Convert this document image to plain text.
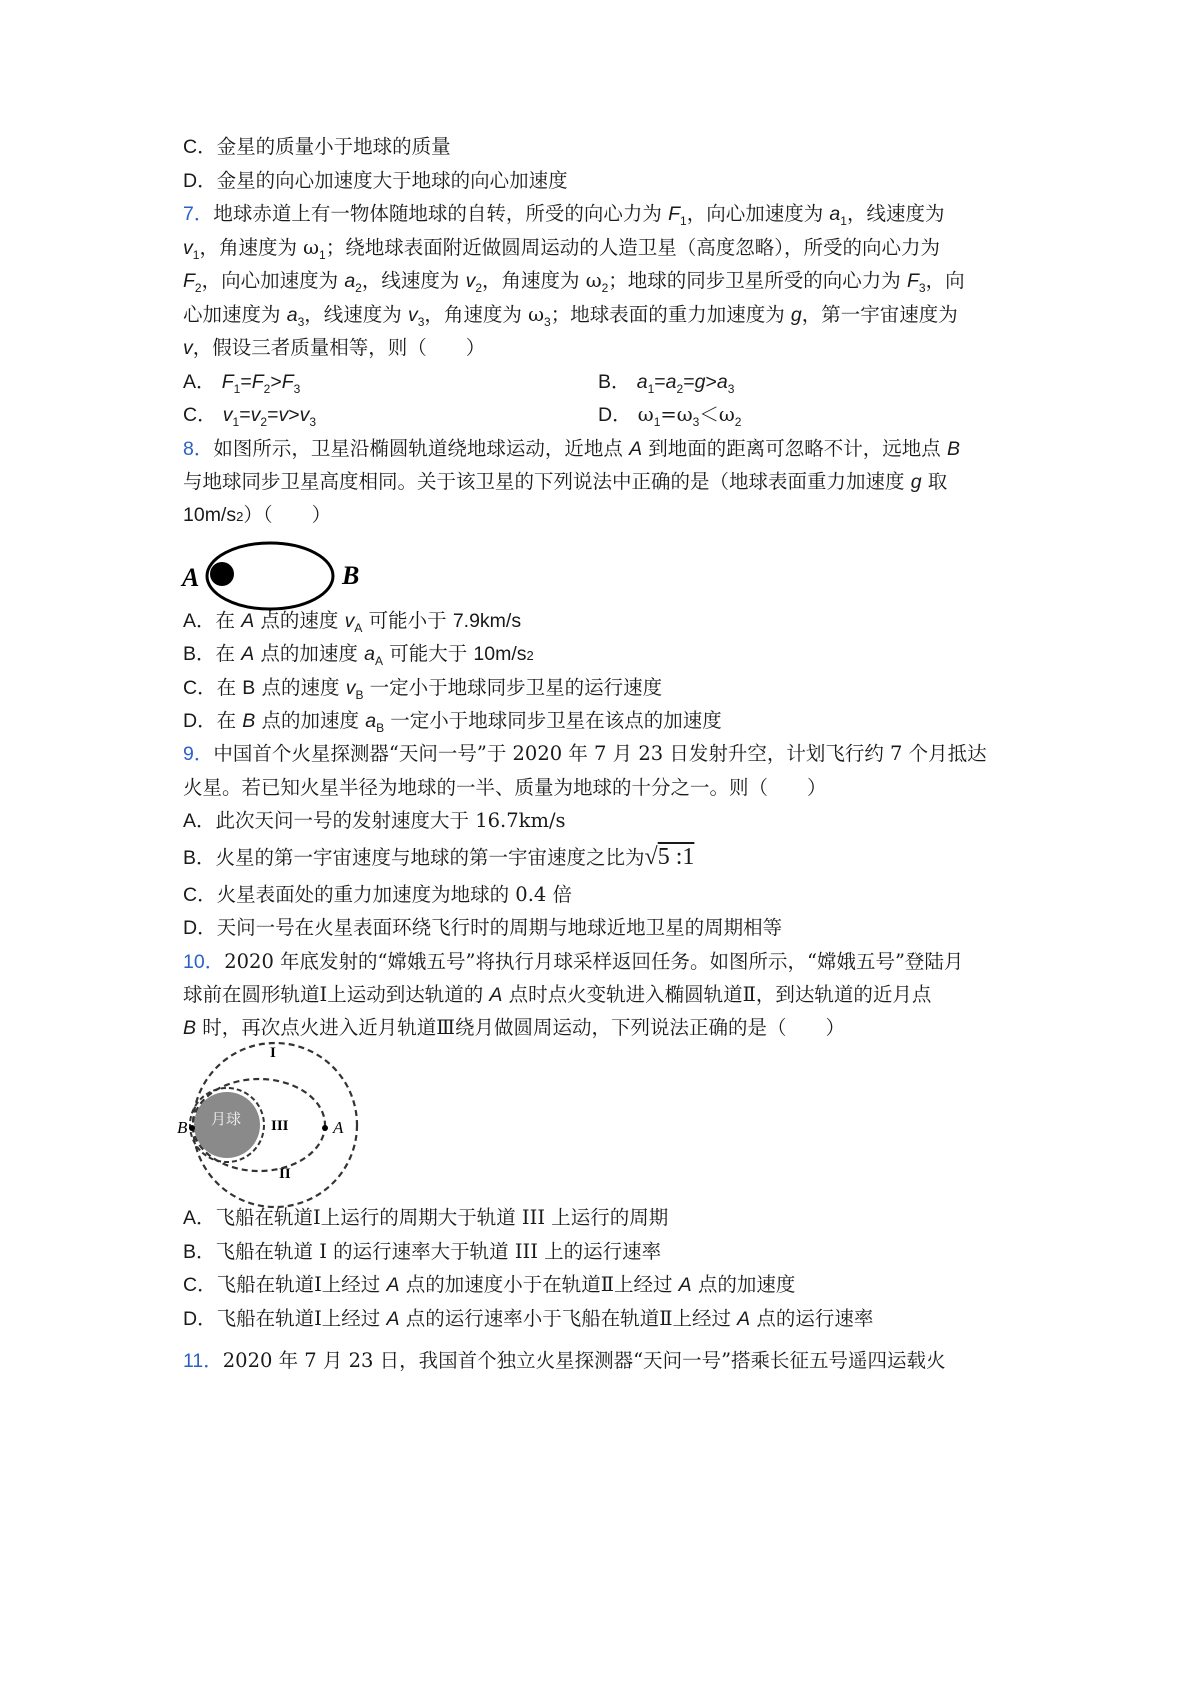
C．金星的质量小于地球的质量
D．金星的向心加速度大于地球的向心加速度
7．地球赤道上有一物体随地球的自转，所受的向心力为 $F_1$，向心加速度为 $a_1$，线速度为
$v_1$，角速度为 $\omega_1$；绕地球表面附近做圆周运动的人造卫星（高度忽略），所受的向心力为
$F_2$，向心加速度为 $a_2$，线速度为 $v_2$，角速度为 $\omega_2$；地球的同步卫星所受的向心力为 $F_3$，向
心加速度为 $a_3$，线速度为 $v_3$，角速度为 $\omega_3$；地球表面的重力加速度为 g，第一宇宙速度为
v，假设三者质量相等，则（　　）
A． $F_1=F_2>F_3$	B． $a_1=a_2=g>a_3$
C． $v_1=v_2=v>v_3$	D． $\omega_1=\omega_3<\omega_2$
8．如图所示，卫星沿椭圆轨道绕地球运动，近地点 A 到地面的距离可忽略不计，远地点 B
与地球同步卫星高度相同。关于该卫星的下列说法中正确的是（地球表面重力加速度 g 取
10m/s2）（　　）
A	B
A．在 A 点的速度 $v_A$ 可能小于 7.9km/s
B．在 A 点的加速度 $a_A$ 可能大于 10m/s2
C．在 B 点的速度 $v_B$ 一定小于地球同步卫星的运行速度
D．在 B 点的加速度 $a_B$ 一定小于地球同步卫星在该点的加速度
9．中国首个火星探测器“天问一号”于 2020 年 7 月 23 日发射升空，计划飞行约 7 个月抵达
火星。若已知火星半径为地球的一半、质量为地球的十分之一。则（　　）
A．此次天问一号的发射速度大于 16.7km/s
B．火星的第一宇宙速度与地球的第一宇宙速度之比为√5 :1
C．火星表面处的重力加速度为地球的 0.4 倍
D．天问一号在火星表面环绕飞行时的周期与地球近地卫星的周期相等
10．2020 年底发射的“嫦娥五号”将执行月球采样返回任务。如图所示，“嫦娥五号”登陆月
球前在圆形轨道Ⅰ上运动到达轨道的 A 点时点火变轨进入椭圆轨道Ⅱ，到达轨道的近月点
B 时，再次点火进入近月轨道Ⅲ绕月做圆周运动，下列说法正确的是（　　）
月球
B	A
I
III
II
A．飞船在轨道Ⅰ上运行的周期大于轨道 III 上运行的周期
B．飞船在轨道 I 的运行速率大于轨道 III 上的运行速率
C．飞船在轨道Ⅰ上经过 A 点的加速度小于在轨道Ⅱ上经过 A 点的加速度
D．飞船在轨道Ⅰ上经过 A 点的运行速率小于飞船在轨道Ⅱ上经过 A 点的运行速率
11．2020 年 7 月 23 日，我国首个独立火星探测器“天问一号”搭乘长征五号遥四运载火
